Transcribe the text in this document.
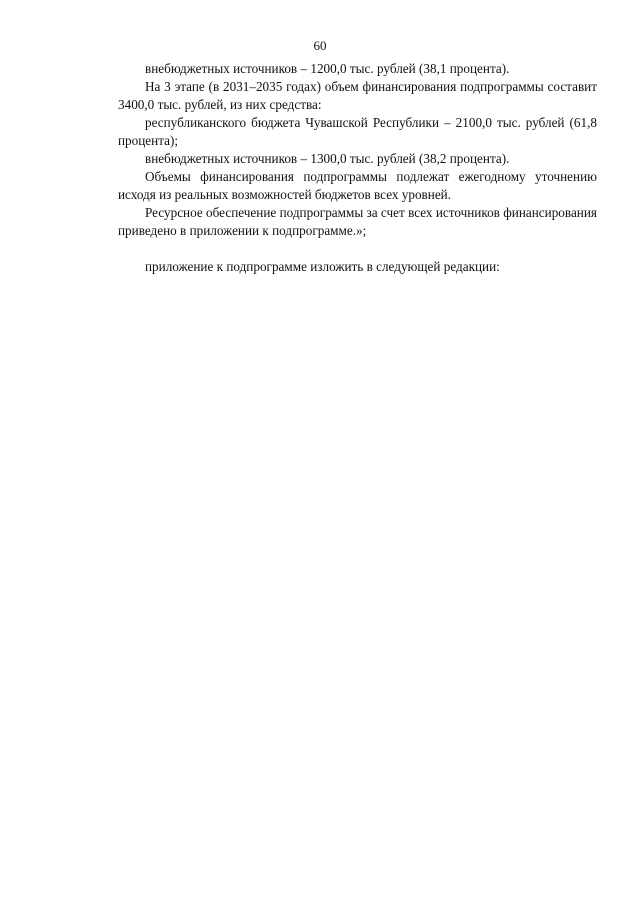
60

внебюджетных источников – 1200,0 тыс. рублей (38,1 процента).

На 3 этапе (в 2031–2035 годах) объем финансирования подпрограммы составит 3400,0 тыс. рублей, из них средства:

республиканского бюджета Чувашской Республики – 2100,0 тыс. рублей (61,8 процента);

внебюджетных источников – 1300,0 тыс. рублей (38,2 процента).

Объемы финансирования подпрограммы подлежат ежегодному уточнению исходя из реальных возможностей бюджетов всех уровней.

Ресурсное обеспечение подпрограммы за счет всех источников финансирования приведено в приложении к подпрограмме.»;

приложение к подпрограмме изложить в следующей редакции:
